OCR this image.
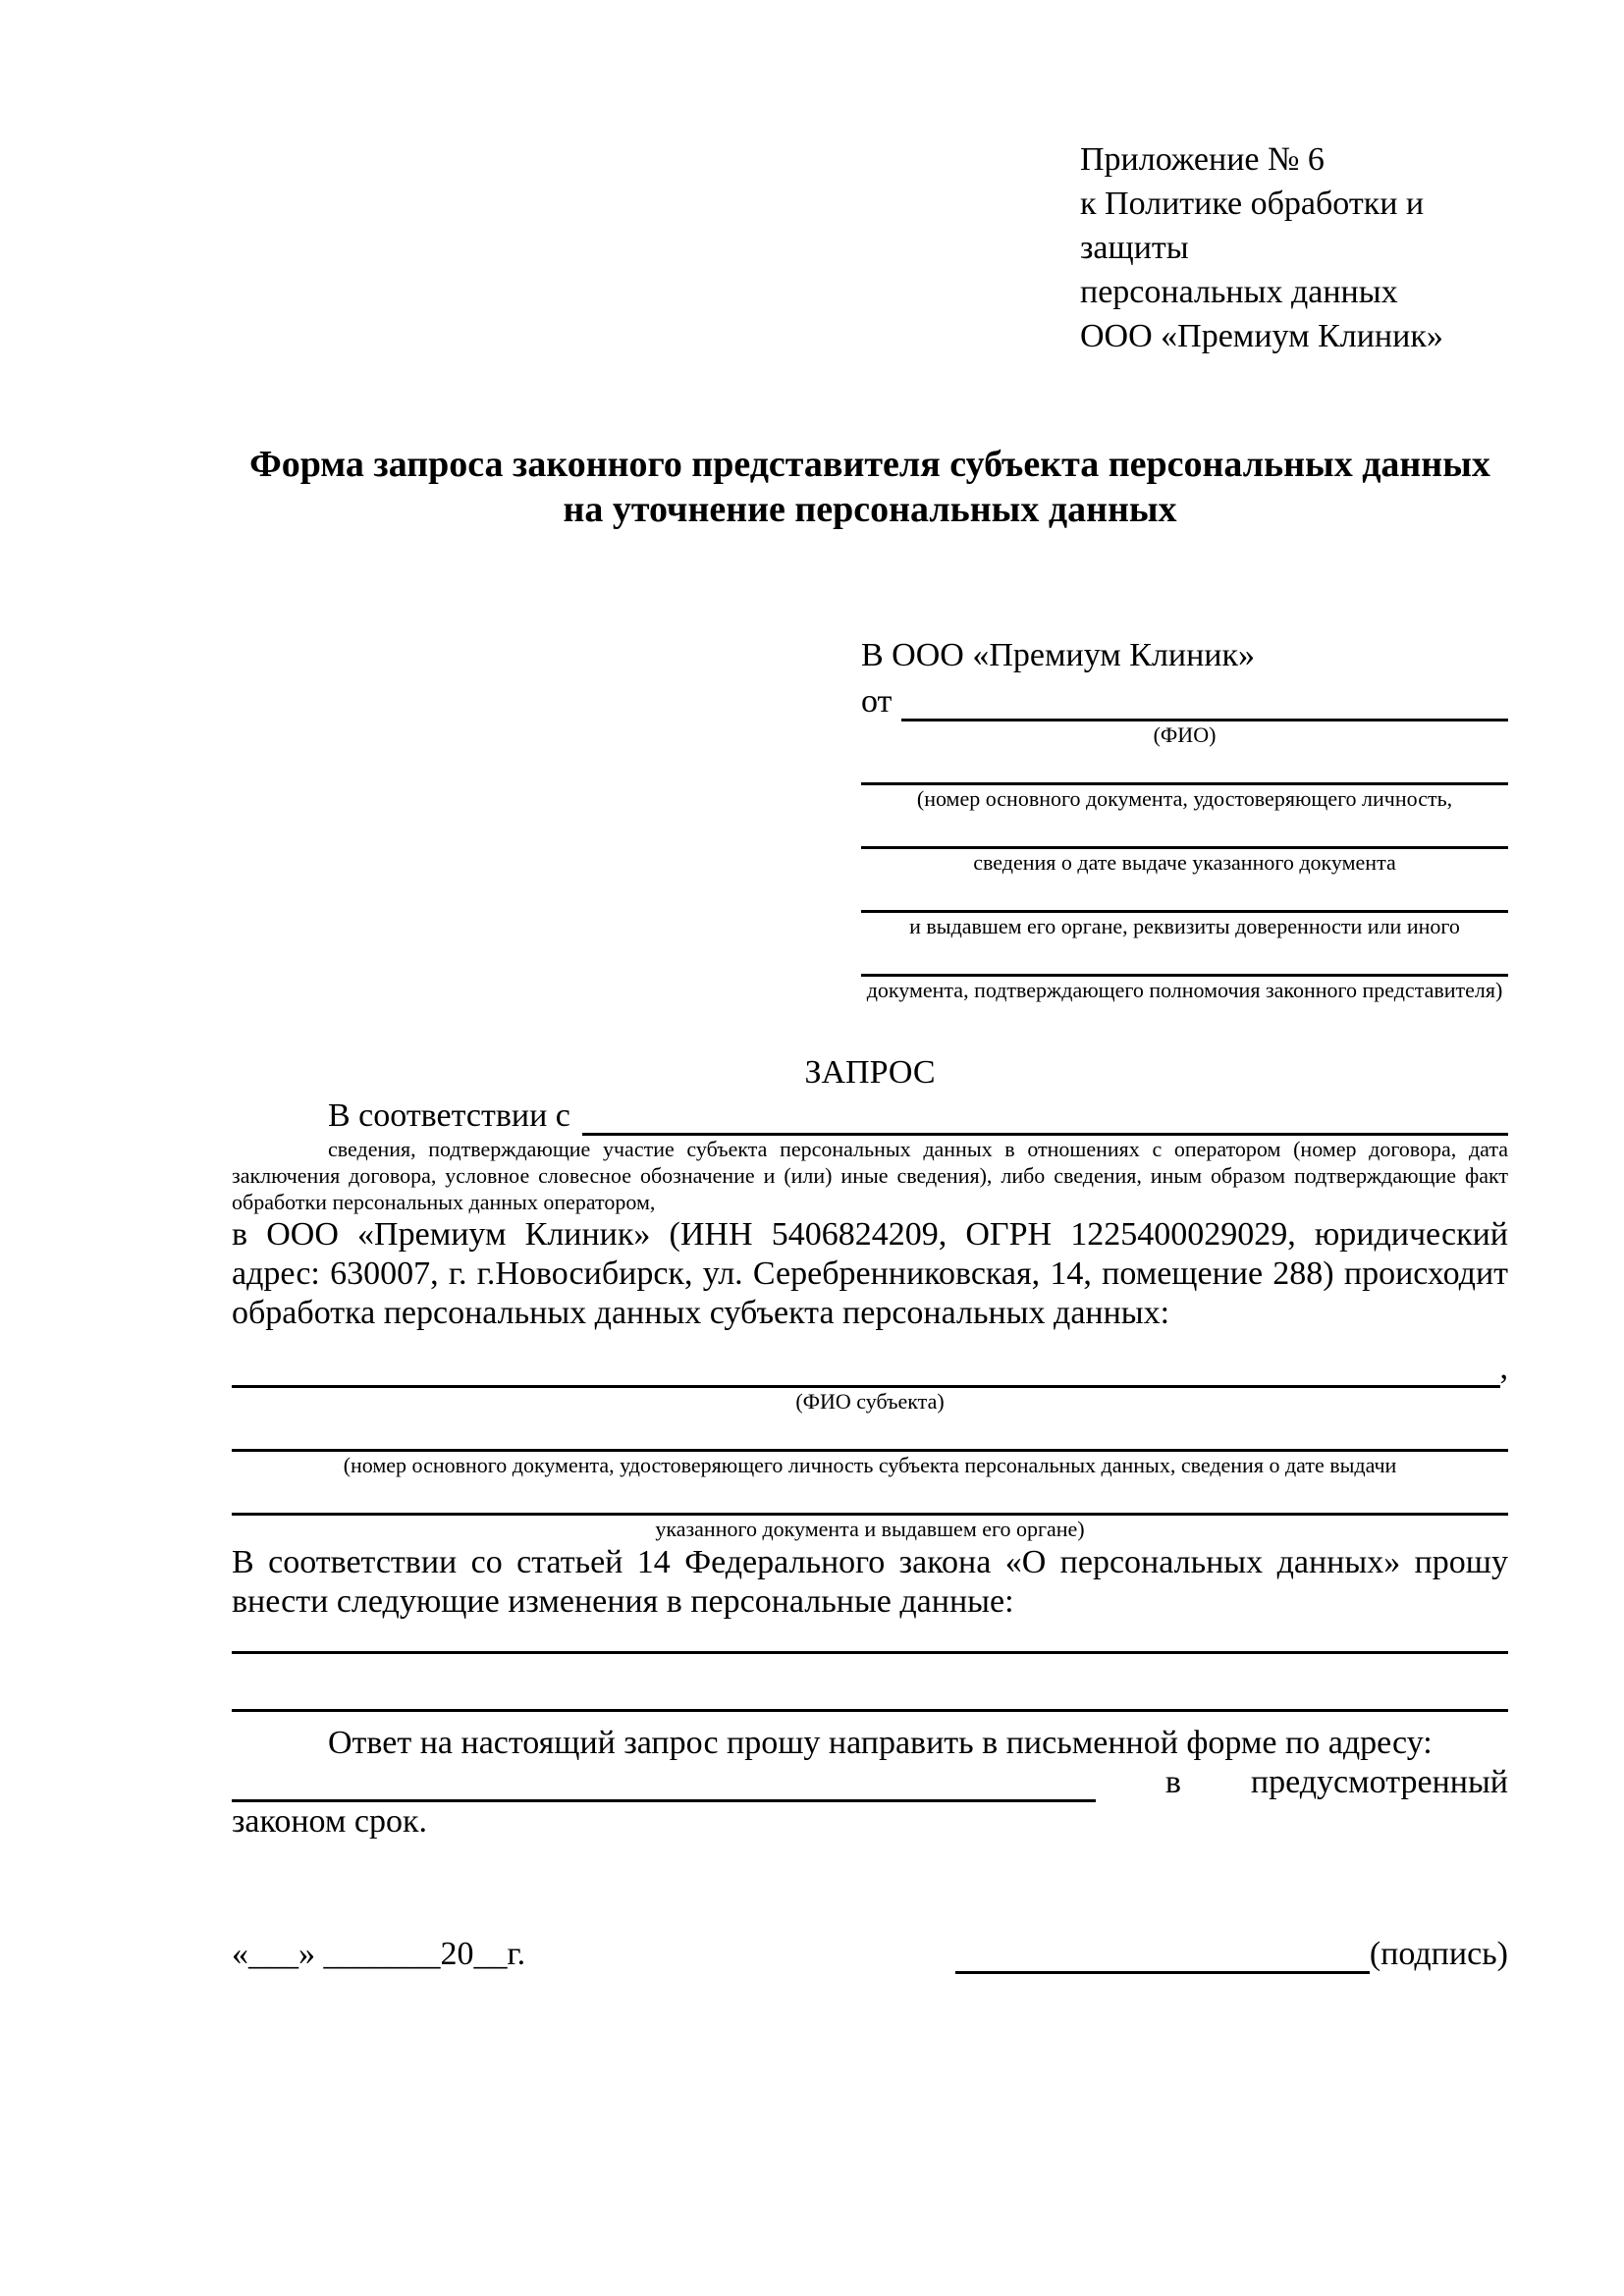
Приложение № 6
к Политике обработки и защиты
персональных данных
ООО «Премиум Клиник»
Форма запроса законного представителя субъекта персональных данных
на уточнение персональных данных
В ООО «Премиум Клиник»
от
(ФИО)
(номер основного документа, удостоверяющего личность,
сведения о дате выдаче указанного документа
и выдавшем его органе, реквизиты доверенности или иного
документа, подтверждающего полномочия законного представителя)
ЗАПРОС
В соответствии с
сведения, подтверждающие участие субъекта персональных данных в отношениях с оператором (номер договора, дата заключения договора, условное словесное обозначение и (или) иные сведения), либо сведения, иным образом подтверждающие факт обработки персональных данных оператором,
в ООО «Премиум Клиник» (ИНН 5406824209, ОГРН 1225400029029, юридический адрес: 630007, г. г.Новосибирск, ул. Серебренниковская, 14, помещение 288) происходит обработка персональных данных субъекта персональных данных:
,
(ФИО субъекта)
(номер основного документа, удостоверяющего личность субъекта персональных данных, сведения о дате выдачи
указанного документа и выдавшем его органе)
В соответствии со статьей 14 Федерального закона «О персональных данных» прошу внести следующие изменения в персональные данные:
Ответ на настоящий запрос прошу направить в письменной форме по адресу:
в предусмотренный
законом срок.
«___» _______20__г.	(подпись)
